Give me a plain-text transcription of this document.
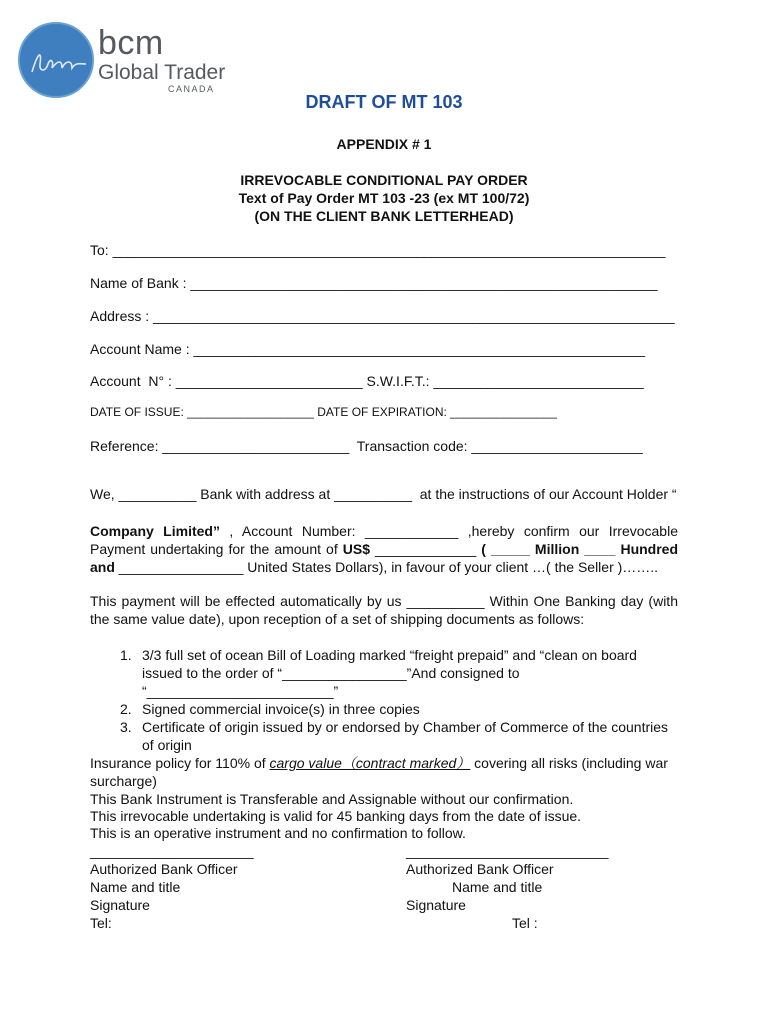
bcm
Global Trader
CANADA
DRAFT OF MT 103
APPENDIX # 1
IRREVOCABLE CONDITIONAL PAY ORDER
Text of Pay Order MT 103 -23 (ex MT 100/72)
(ON THE CLIENT BANK LETTERHEAD)
To: _______________________________________________________________________
Name of Bank : ____________________________________________________________
Address : ___________________________________________________________________
Account Name : __________________________________________________________
Account  N° : ________________________ S.W.I.F.T.: ___________________________
DATE OF ISSUE: ___________________ DATE OF EXPIRATION: ________________
Reference: ________________________  Transaction code: ______________________
We, __________ Bank with address at __________  at the instructions of our Account Holder “
Company Limited” , Account Number: ____________ ,hereby confirm our Irrevocable Payment undertaking for the amount of US$ _____________ ( _____ Million ____ Hundred and ________________ United States Dollars), in favour of your client …( the Seller )……..
This payment will be effected automatically by us __________ Within One Banking day (with the same value date), upon reception of a set of shipping documents as follows:
1. 3/3 full set of ocean Bill of Loading marked “freight prepaid” and “clean on board issued to the order of “________________”And consigned to “________________________”
2. Signed commercial invoice(s) in three copies
3. Certificate of origin issued by or endorsed by Chamber of Commerce of the countries of origin
Insurance policy for 110% of cargo value（contract marked） covering all risks (including war surcharge)
This Bank Instrument is Transferable and Assignable without our confirmation.
This irrevocable undertaking is valid for 45 banking days from the date of issue.
This is an operative instrument and no confirmation to follow.
_____________________
Authorized Bank Officer
Name and title
Signature
Tel:
__________________________
Authorized Bank Officer
Name and title
Signature
Tel :
